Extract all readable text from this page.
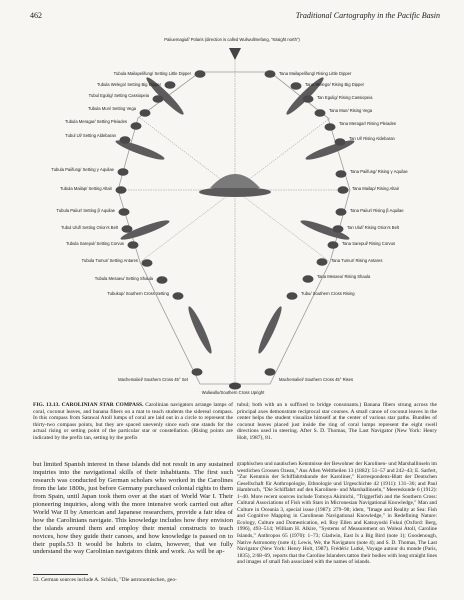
462	Traditional Cartography in the Pacific Basin
Paiiuemagiuf/ Polaris (direction is called Wuliwullmefang, "straight north")
Wuliwullu/Southern Cross Upright
Tubula Mailapelifung/ Setting Little Dipper
Tubula Welego/ Setting Big Dipper
Tubul Egulig/ Setting Cassiopeia
Tubula Mun/ Setting Vega
Tubula Meragar/ Setting Pleiades
Tubul Ul/ Setting Aldebaran
Tubula Paiifung/ Setting γ Aquilae
Tubula Mailap/ Setting Altair
Tubula Paiiur/ Setting β Aquilae
Tubul Uluf/ Setting Orion's Belt
Tubula Sarepul/ Setting Corvus
Tubula Tumur/ Setting Antares
Tubula Mesaeu/ Setting Shaula
Tubukup/ Southern Cross Setting
Machemaliel/ Southern Cross 45° Set
Tana Mailapelifung/ Rising Little Dipper
Tana Welego/ Rising Big Dipper
Tan Egulig/ Rising Cassiopeia
Tana Mun/ Rising Vega
Tana Meragar/ Rising Pleiades
Tan Ul/ Rising Aldebaran
Tana Paiifung/ Rising γ Aquilae
Tana Mailap/ Rising Altair
Tana Paiiur/ Rising β Aquilae
Tan Uluf/ Rising Orion's Belt
Tana Sarepul/ Rising Corvus
Tana Tumur/ Rising Antares
Tana Mesaeu/ Rising Shaula
Tubu/ Southern Cross Rising
Machemaliel/ Southern Cross 45° Rises
FIG. 13.13. CAROLINIAN STAR COMPASS. Carolinian navigators arrange lamps of coral, coconut leaves, and banana fibers on a mat to teach students the sidereal compass. In this compass from Satawal Atoll lumps of coral are laid out in a circle to represent the thirty-two compass points, but they are spaced unevenly since each one stands for the actual rising or setting point of the particular star or constellation. (Rising points are indicated by the prefix tan, setting by the prefix
tubul; both with an n suffixed to bridge consonants.) Banana fibers strung across the principal axes demonstrate reciprocal star courses. A small canoe of coconut leaves in the center helps the student visualize himself at the center of various star paths. Bundles of coconut leaves placed just inside the ring of coral lumps represent the eight swell directions used in steering. After S. D. Thomas, The Last Navigator (New York: Henry Holt, 1987), 81.
but limited Spanish interest in these islands did not result in any sustained inquiries into the navigational skills of their inhabitants. The first such research was conducted by German scholars who worked in the Carolines from the late 1800s, just before Germany purchased colonial rights to them from Spain, until Japan took them over at the start of World War I. Their pioneering inquiries, along with the more intensive work carried out after World War II by American and Japanese researchers, provide a fair idea of how the Carolinians navigate. This knowledge includes how they envision the islands around them and employ their mental constructs to teach novices, how they guide their canoes, and how knowledge is passed on to their pupils.53 It would be hubris to claim, however, that we fully understand the way Carolinian navigators think and work. As will be ap-
graphischen und nautischen Kenntnisse der Bewohner der Karolinen- und Marshallinseln im westlichen Grossen Ozean," Aus Allen Welttheilen 13 (1882): 51–57 and 242–43; E. Sarfert, "Zur Kenntnis der Schiffahrtskunde der Karoliner," Korrespondenz-Blatt der Deutschen Gesellschaft für Anthropologie, Ethnologie und Urgeschichte 42 (1911): 131–36; and Paul Hambruch, "Die Schiffahrt auf den Karolinen- und Marshallinseln," Meereskunde 6 (1912): 1–40. More recent sources include Tomoya Akimichi, "Triggerfish and the Southern Cross: Cultural Associations of Fish with Stars in Micronesian Navigational Knowledge," Man and Culture in Oceania 3, special issue (1987): 279–98; idem, "Image and Reality at Sea: Fish and Cognitive Mapping in Carolinean Navigational Knowledge," in Redefining Nature: Ecology, Culture and Domestication, ed. Roy Ellen and Katsuyoshi Fukui (Oxford: Berg, 1996), 493–514; William H. Alkire, "Systems of Measurement on Woleai Atoll, Caroline Islands," Anthropos 65 (1970): 1–73; Gladwin, East Is a Big Bird (note 1); Goodenough, Native Astronomy (note 4); Lewis, We, the Navigators (note 4); and S. D. Thomas, The Last Navigator (New York: Henry Holt, 1987). Frédéric Lutké, Voyage autour du monde (Paris, 1835), 2:68–69, reports that the Caroline Islanders tattoo their bodies with long straight lines and images of small fish associated with the names of islands.
53. German sources include A. Schück, "Die astronomischen, geo-
